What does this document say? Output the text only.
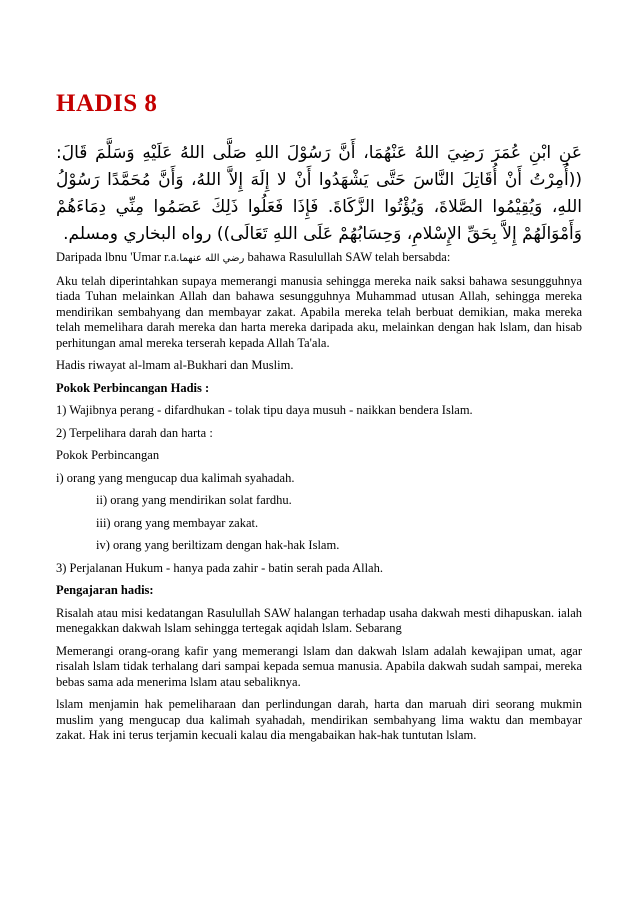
HADIS 8
عَنِ ابْنِ عُمَرَ رَضِيَ اللهُ عَنْهُمَا، أَنَّ رَسُوْلَ اللهِ صَلَّى اللهُ عَلَيْهِ وَسَلَّمَ قَالَ: ((أُمِرْتُ أَنْ أُقَاتِلَ النَّاسَ حَتَّى يَشْهَدُوا أَنْ لا إِلَهَ إِلاَّ اللهُ، وَأَنَّ مُحَمَّدًا رَسُوْلُ اللهِ، وَيُقِيْمُوا الصَّلاةَ، وَيُؤْتُوا الزَّكَاةَ. فَإِذَا فَعَلُوا ذَلِكَ عَصَمُوا مِنِّي دِمَاءَهُمْ وَأَمْوَالَهُمْ إِلاَّ بِحَقِّ الإِسْلامِ، وَحِسَابُهُمْ عَلَى اللهِ تَعَالَى)) رواه البخاري ومسلم.

Daripada lbnu 'Umar r.a.رضي الله عنهما bahawa Rasulullah SAW telah bersabda:

Aku telah diperintahkan supaya memerangi manusia sehingga mereka naik saksi bahawa sesungguhnya tiada Tuhan melainkan Allah dan bahawa sesungguhnya Muhammad utusan Allah, sehingga mereka mendirikan sembahyang dan membayar zakat. Apabila mereka telah berbuat demikian, maka mereka telah memelihara darah mereka dan harta mereka daripada aku, melainkan dengan hak lslam, dan hisab perhitungan amal mereka terserah kepada Allah Ta'ala.

Hadis riwayat al-lmam al-Bukhari dan Muslim.

Pokok Perbincangan Hadis :

1) Wajibnya perang - difardhukan - tolak tipu daya musuh - naikkan bendera Islam.

2) Terpelihara darah dan harta :

Pokok Perbincangan

i) orang yang mengucap dua kalimah syahadah.

ii) orang yang mendirikan solat fardhu.

iii) orang yang membayar zakat.

iv) orang yang beriltizam dengan hak-hak Islam.

3) Perjalanan Hukum - hanya pada zahir - batin serah pada Allah.

Pengajaran hadis:

Risalah atau misi kedatangan Rasulullah SAW halangan terhadap usaha dakwah mesti dihapuskan. ialah menegakkan dakwah lslam sehingga tertegak aqidah lslam. Sebarang

Memerangi orang-orang kafir yang memerangi lslam dan dakwah lslam adalah kewajipan umat, agar risalah lslam tidak terhalang dari sampai kepada semua manusia. Apabila dakwah sudah sampai, mereka bebas sama ada menerima lslam atau sebaliknya.

lslam menjamin hak pemeliharaan dan perlindungan darah, harta dan maruah diri seorang mukmin muslim yang mengucap dua kalimah syahadah, mendirikan sembahyang lima waktu dan membayar zakat. Hak ini terus terjamin kecuali kalau dia mengabaikan hak-hak tuntutan lslam.
